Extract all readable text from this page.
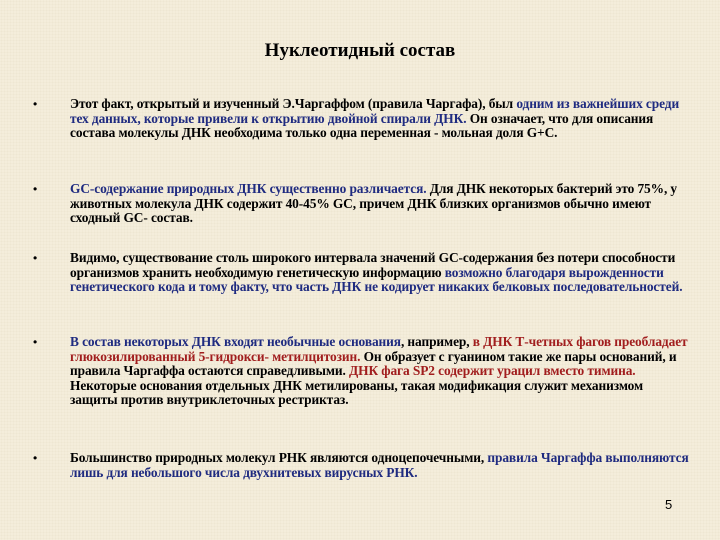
Нуклеотидный состав
• Этот факт, открытый и изученный Э.Чаргаффом (правила Чаргафа), был одним из важнейших среди тех данных, которые привели к открытию двойной спирали ДНК. Он означает, что для описания состава молекулы ДНК необходима только одна переменная - мольная доля G+C.
• GC-содержание природных ДНК существенно различается. Для ДНК некоторых бактерий это 75%, у животных молекула ДНК содержит 40-45% GC, причем ДНК близких организмов обычно имеют сходный GC- состав.
• Видимо, существование столь широкого интервала значений GC-содержания без потери способности организмов хранить необходимую генетическую информацию возможно благодаря вырожденности генетического кода и тому факту, что часть ДНК не кодирует никаких белковых последовательностей.
• В состав некоторых ДНК входят необычные основания, например, в ДНК Т-четных фагов преобладает глюкозилированный 5-гидрокси- метилцитозин. Он образует с гуанином такие же пары оснований, и правила Чаргаффа остаются справедливыми. ДНК фага SP2 содержит урацил вместо тимина. Некоторые основания отдельных ДНК метилированы, такая модификация служит механизмом защиты против внутриклеточных рестриктаз.
• Большинство природных молекул РНК являются одноцепочечными, правила Чаргаффа выполняются лишь для небольшого числа двухнитевых вирусных РНК.
5
